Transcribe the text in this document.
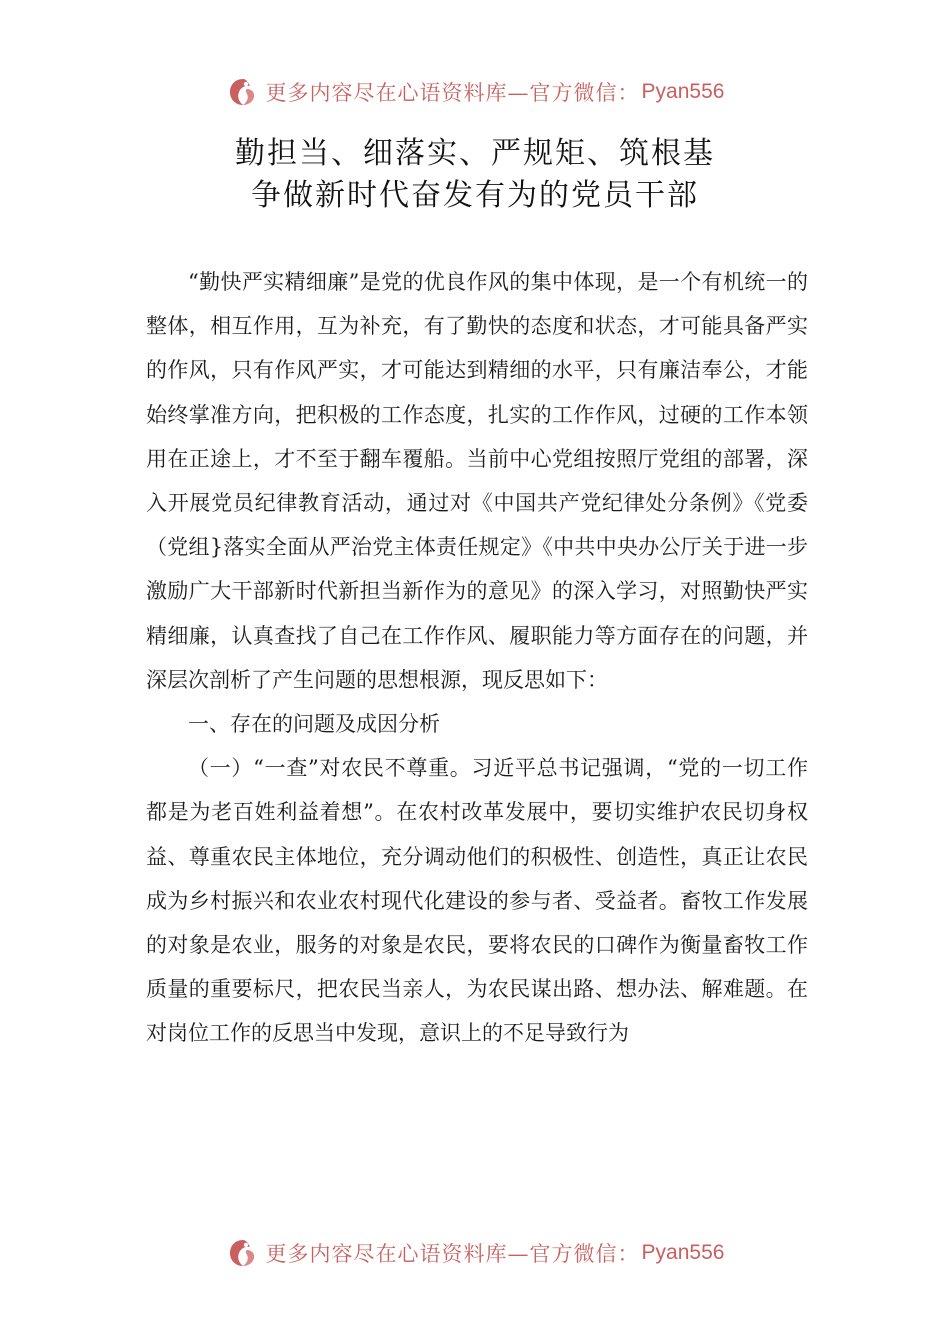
更多内容尽在心语资料库—官方微信： Pyan556
勤担当、细落实、严规矩、筑根基
争做新时代奋发有为的党员干部

“勤快严实精细廉”是党的优良作风的集中体现，是一个有机统一的整体，相互作用，互为补充，有了勤快的态度和状态，才可能具备严实的作风，只有作风严实，才可能达到精细的水平，只有廉洁奉公，才能始终掌准方向，把积极的工作态度，扎实的工作作风，过硬的工作本领用在正途上，才不至于翻车覆船。当前中心党组按照厅党组的部署，深入开展党员纪律教育活动，通过对《中国共产党纪律处分条例》《党委（党组}落实全面从严治党主体责任规定》《中共中央办公厅关于进一步激励广大干部新时代新担当新作为的意见》的深入学习，对照勤快严实精细廉，认真查找了自己在工作作风、履职能力等方面存在的问题，并深层次剖析了产生问题的思想根源，现反思如下：

一、存在的问题及成因分析

（一）“一查”对农民不尊重。习近平总书记强调，“党的一切工作都是为老百姓利益着想”。在农村改革发展中，要切实维护农民切身权益、尊重农民主体地位，充分调动他们的积极性、创造性，真正让农民成为乡村振兴和农业农村现代化建设的参与者、受益者。畜牧工作发展的对象是农业，服务的对象是农民，要将农民的口碑作为衡量畜牧工作质量的重要标尺，把农民当亲人，为农民谋出路、想办法、解难题。在对岗位工作的反思当中发现，意识上的不足导致行为

更多内容尽在心语资料库—官方微信： Pyan556
